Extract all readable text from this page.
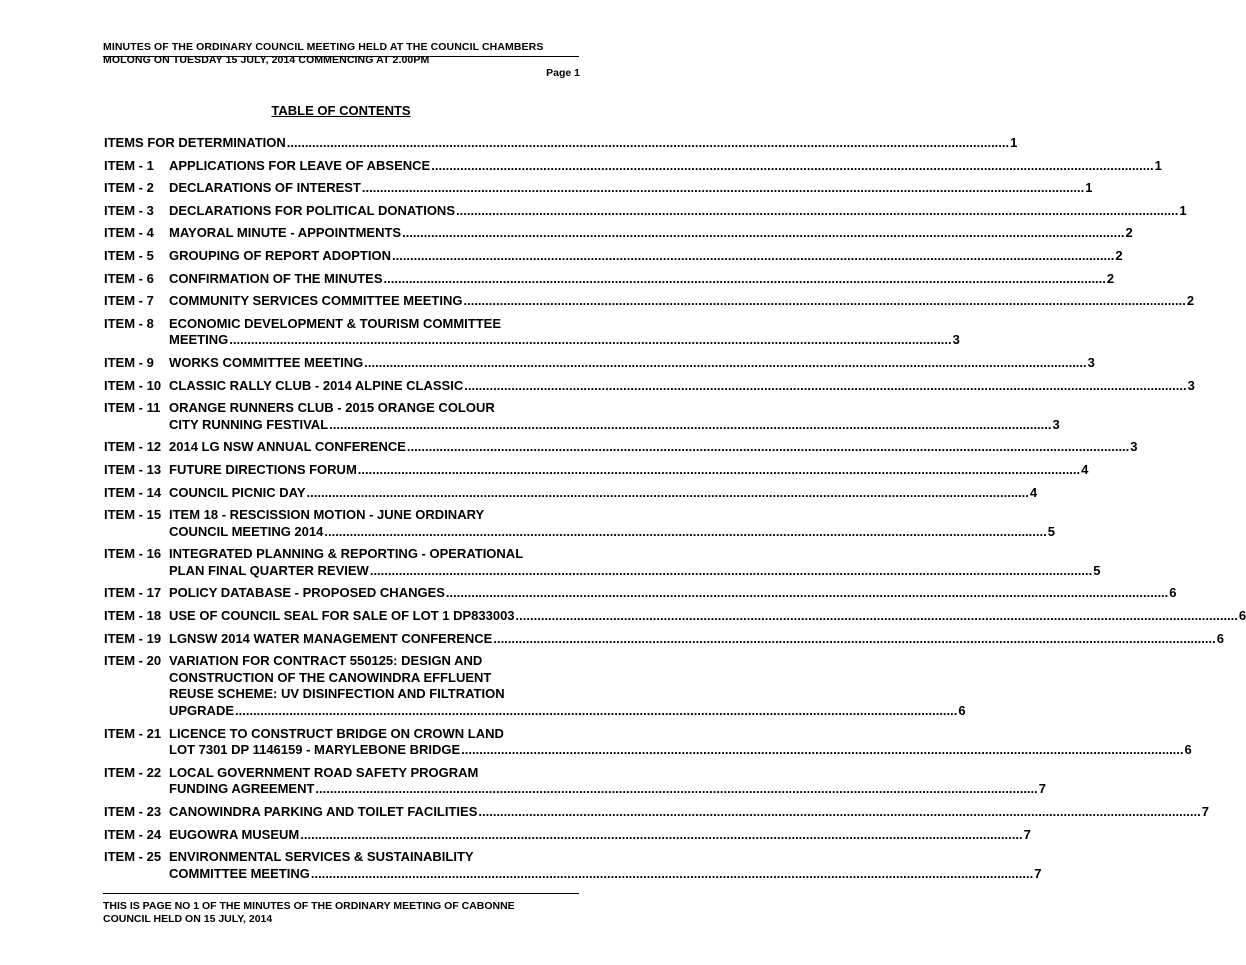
MINUTES OF THE ORDINARY COUNCIL MEETING HELD AT THE COUNCIL CHAMBERS
MOLONG ON TUESDAY 15 JULY, 2014 COMMENCING AT 2.00PM
Page 1
TABLE OF CONTENTS
ITEMS FOR DETERMINATION ........................................................................................................................................................................................................ 1
ITEM - 1	APPLICATIONS FOR LEAVE OF ABSENCE ........................................................................................................................................................................................................ 1
ITEM - 2	DECLARATIONS OF INTEREST ........................................................................................................................................................................................................ 1
ITEM - 3	DECLARATIONS FOR POLITICAL DONATIONS ........................................................................................................................................................................................................ 1
ITEM - 4	MAYORAL MINUTE - APPOINTMENTS ........................................................................................................................................................................................................ 2
ITEM - 5	GROUPING OF REPORT ADOPTION ........................................................................................................................................................................................................ 2
ITEM - 6	CONFIRMATION OF THE MINUTES ........................................................................................................................................................................................................ 2
ITEM - 7	COMMUNITY SERVICES COMMITTEE MEETING ........................................................................................................................................................................................................ 2
ITEM - 8	ECONOMIC DEVELOPMENT & TOURISM COMMITTEE
MEETING ........................................................................................................................................................................................................ 3
ITEM - 9	WORKS COMMITTEE MEETING ........................................................................................................................................................................................................ 3
ITEM - 10 CLASSIC RALLY CLUB - 2014 ALPINE CLASSIC ........................................................................................................................................................................................................ 3
ITEM - 11 ORANGE RUNNERS CLUB - 2015 ORANGE COLOUR
CITY RUNNING FESTIVAL ........................................................................................................................................................................................................ 3
ITEM - 12 2014 LG NSW ANNUAL CONFERENCE ........................................................................................................................................................................................................ 3
ITEM - 13 FUTURE DIRECTIONS FORUM ........................................................................................................................................................................................................ 4
ITEM - 14 COUNCIL PICNIC DAY ........................................................................................................................................................................................................ 4
ITEM - 15 ITEM 18 - RESCISSION MOTION - JUNE ORDINARY
COUNCIL MEETING 2014 ........................................................................................................................................................................................................ 5
ITEM - 16 INTEGRATED PLANNING & REPORTING - OPERATIONAL
PLAN FINAL QUARTER REVIEW ........................................................................................................................................................................................................ 5
ITEM - 17 POLICY DATABASE - PROPOSED CHANGES ........................................................................................................................................................................................................ 6
ITEM - 18 USE OF COUNCIL SEAL FOR SALE OF LOT 1 DP833003 ........................................................................................................................................................................................................ 6
ITEM - 19 LGNSW 2014 WATER MANAGEMENT CONFERENCE ........................................................................................................................................................................................................ 6
ITEM - 20 VARIATION FOR CONTRACT 550125: DESIGN AND
CONSTRUCTION OF THE CANOWINDRA EFFLUENT
REUSE SCHEME: UV DISINFECTION AND FILTRATION
UPGRADE ........................................................................................................................................................................................................ 6
ITEM - 21 LICENCE TO CONSTRUCT BRIDGE ON CROWN LAND
LOT 7301 DP 1146159 - MARYLEBONE BRIDGE ........................................................................................................................................................................................................ 6
ITEM - 22 LOCAL GOVERNMENT ROAD SAFETY PROGRAM
FUNDING AGREEMENT ........................................................................................................................................................................................................ 7
ITEM - 23 CANOWINDRA PARKING AND TOILET FACILITIES ........................................................................................................................................................................................................ 7
ITEM - 24 EUGOWRA MUSEUM ........................................................................................................................................................................................................ 7
ITEM - 25 ENVIRONMENTAL SERVICES & SUSTAINABILITY
COMMITTEE MEETING ........................................................................................................................................................................................................ 7
THIS IS PAGE NO 1 OF THE MINUTES OF THE ORDINARY MEETING OF CABONNE
COUNCIL HELD ON 15 JULY, 2014
